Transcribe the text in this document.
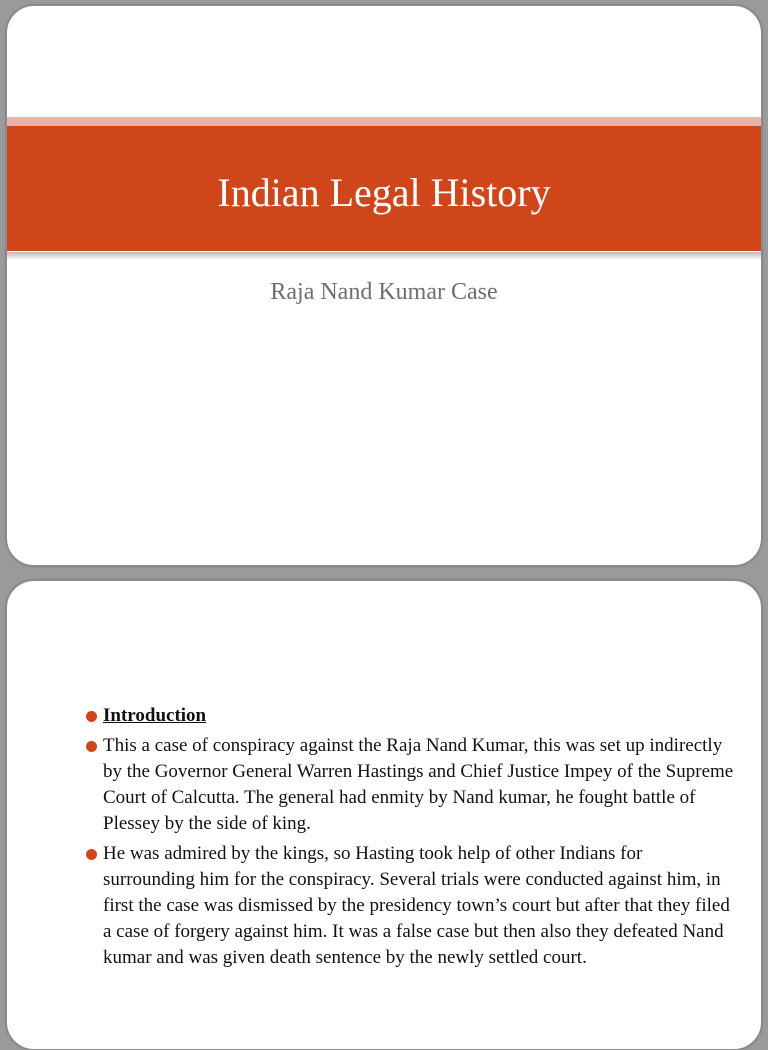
Indian Legal History
Raja Nand Kumar Case
Introduction
This a case of conspiracy against the Raja Nand Kumar, this was set up indirectly by the Governor General Warren Hastings and Chief Justice Impey of the Supreme Court of Calcutta. The general had enmity by Nand kumar, he fought battle of Plessey by the side of king.
He was admired by the kings, so Hasting took help of other Indians for surrounding him for the conspiracy. Several trials were conducted against him, in first the case was dismissed by the presidency town’s court but after that they filed a case of forgery against him. It was a false case but then also they defeated Nand kumar and was given death sentence by the newly settled court.
